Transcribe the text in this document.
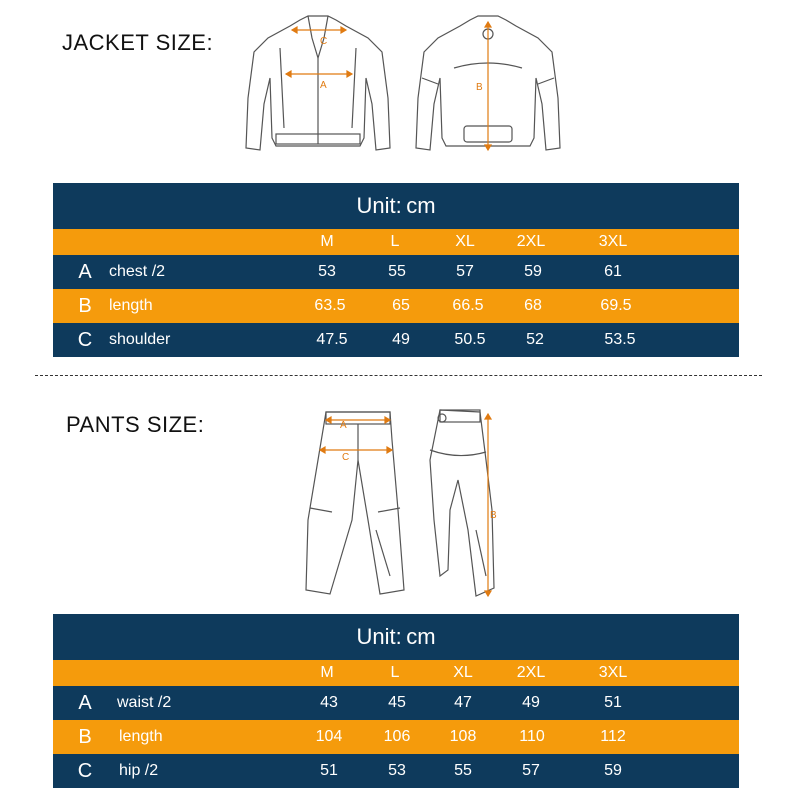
JACKET SIZE:	C
A	B
Unit: cm
M	L	XL	2XL	3XL
A chest /2	53	55	57	59	61
B length	63.5	65	66.5	68	69.5
C shoulder	47.5	49	50.5	52	53.5
PANTS SIZE:	A
C
B
Unit: cm
M	L	XL	2XL	3XL
A waist /2	43	45	47	49	51
B length	104	106	108	110	112
C hip /2	51	53	55	57	59
